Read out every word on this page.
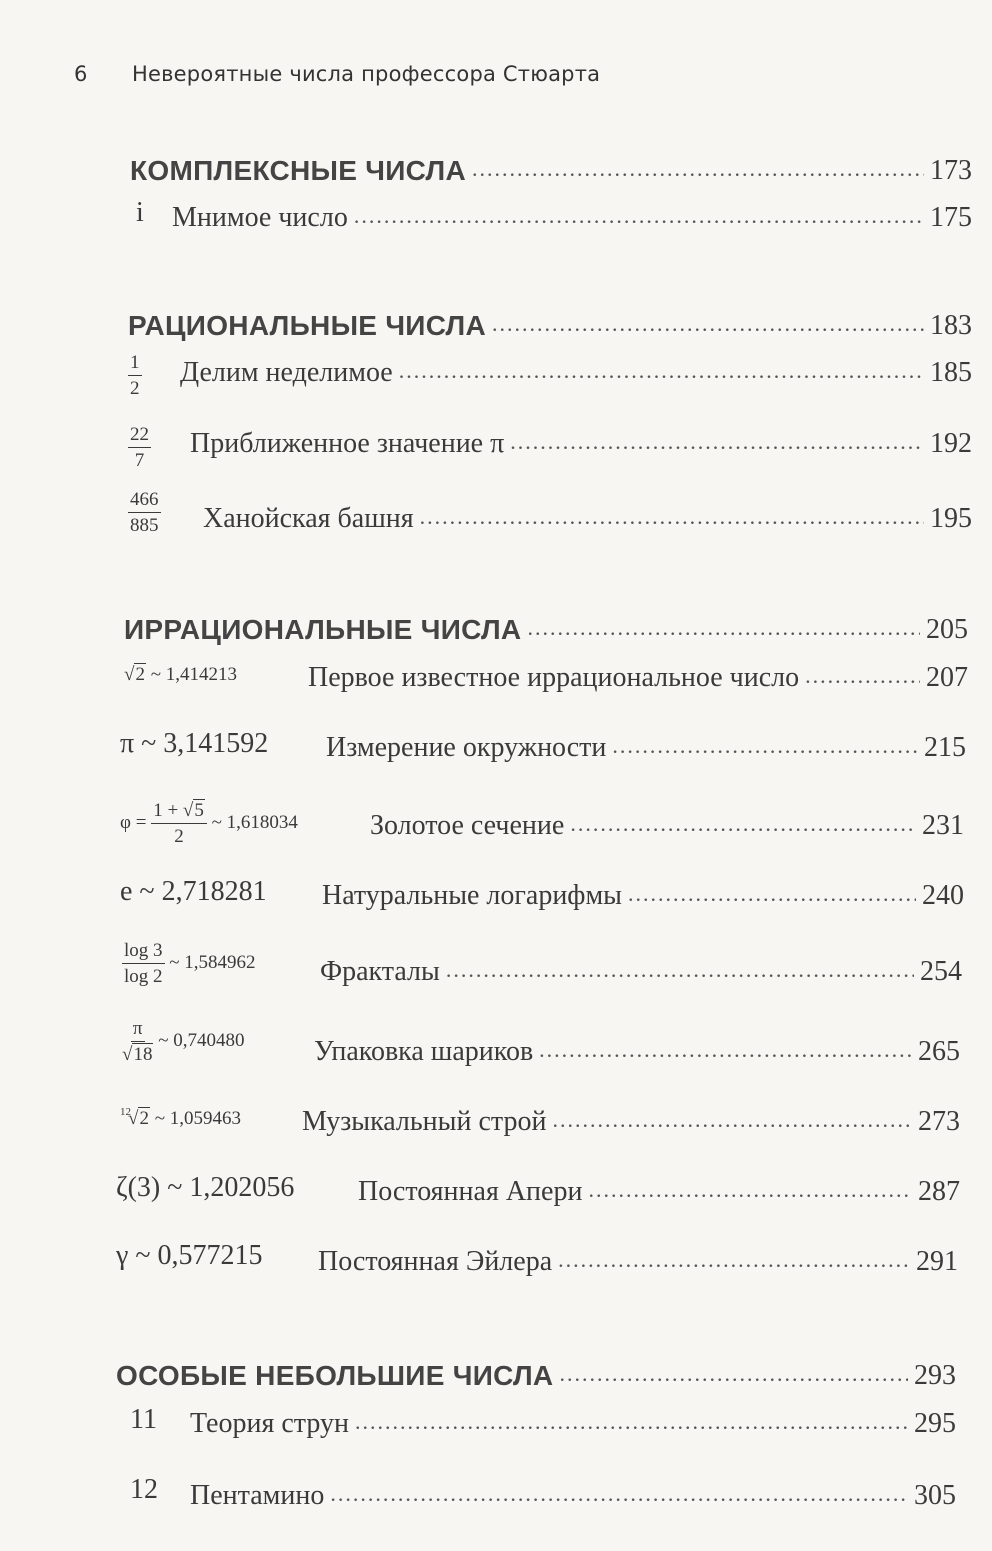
6 Невероятные числа профессора Стюарта
КОМПЛЕКСНЫЕ ЧИСЛА .....	173
i Мнимое число .....	175
РАЦИОНАЛЬНЫЕ ЧИСЛА .....	183
$\frac{1}{2}$ Делим неделимое .....	185
$\frac{22}{7}$ Приближенное значение π .....	192
$\frac{466}{885}$ Ханойская башня .....	195
ИРРАЦИОНАЛЬНЫЕ ЧИСЛА .....	205
√2 ~ 1,414213	Первое известное иррациональное число .....	207
π ~ 3,141592 Измерение окружности .....	215
$\varphi = \frac{1 + √5}{2}$ ~ 1,618034	Золотое сечение .....	231
e ~ 2,718281 Натуральные логарифмы .....	240
$\frac{\log 3}{\log 2}$ ~ 1,584962 Фракталы .....	254
$\frac{\pi}{√18}$ ~ 0,740480 Упаковка шариков .....	265
$^{12}$√2 ~ 1,059463 Музыкальный строй .....	273
ζ(3) ~ 1,202056 Постоянная Апери .....	287
γ ~ 0,577215 Постоянная Эйлера .....	291
ОСОБЫЕ НЕБОЛЬШИЕ ЧИСЛА .....	293
11 Теория струн .....	295
12 Пентамино .....	305
